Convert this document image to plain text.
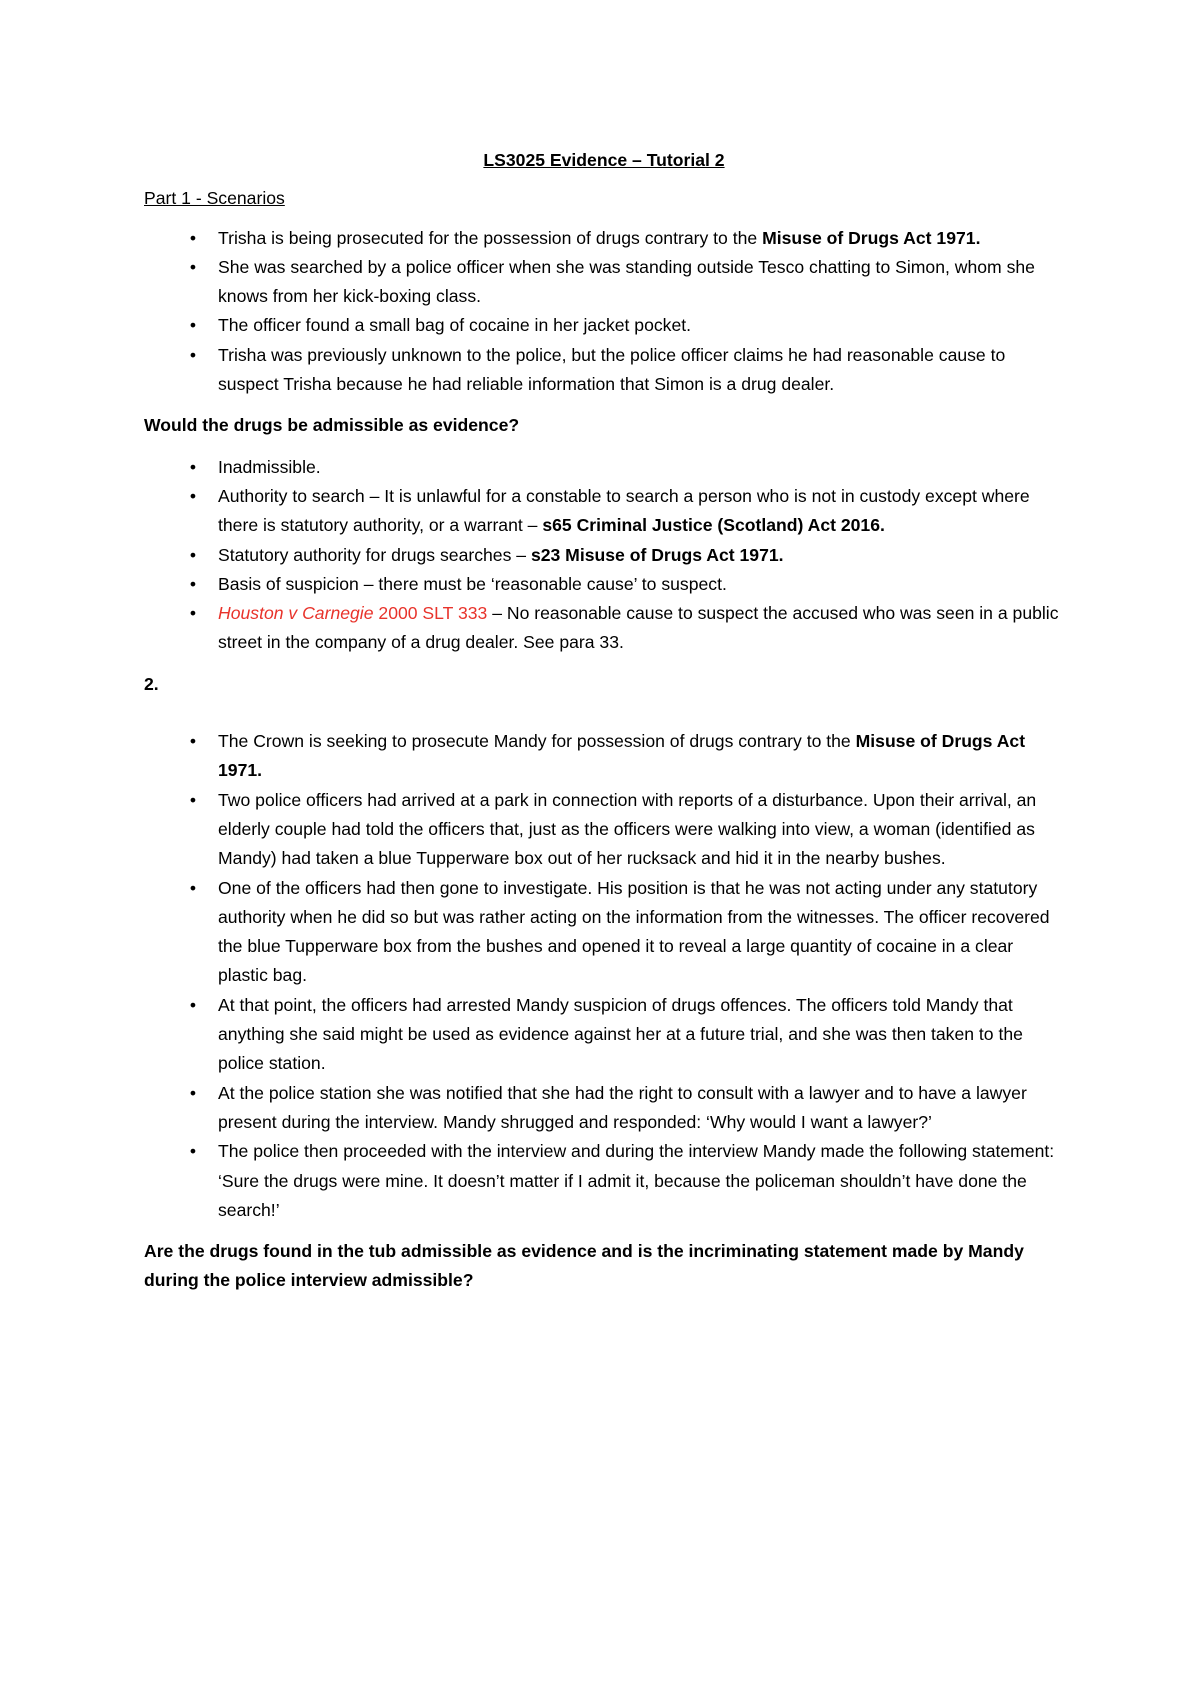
LS3025 Evidence – Tutorial 2

Part 1 - Scenarios

•	Trisha is being prosecuted for the possession of drugs contrary to the Misuse of Drugs Act 1971.
•	She was searched by a police officer when she was standing outside Tesco chatting to Simon, whom she knows from her kick-boxing class.
•	The officer found a small bag of cocaine in her jacket pocket.
•	Trisha was previously unknown to the police, but the police officer claims he had reasonable cause to suspect Trisha because he had reliable information that Simon is a drug dealer.

Would the drugs be admissible as evidence?

•	Inadmissible.
•	Authority to search – It is unlawful for a constable to search a person who is not in custody except where there is statutory authority, or a warrant – s65 Criminal Justice (Scotland) Act 2016.
•	Statutory authority for drugs searches – s23 Misuse of Drugs Act 1971.
•	Basis of suspicion – there must be ‘reasonable cause’ to suspect.
•	Houston v Carnegie 2000 SLT 333 – No reasonable cause to suspect the accused who was seen in a public street in the company of a drug dealer. See para 33.

2.

•	The Crown is seeking to prosecute Mandy for possession of drugs contrary to the Misuse of Drugs Act 1971.
•	Two police officers had arrived at a park in connection with reports of a disturbance. Upon their arrival, an elderly couple had told the officers that, just as the officers were walking into view, a woman (identified as Mandy) had taken a blue Tupperware box out of her rucksack and hid it in the nearby bushes.
•	One of the officers had then gone to investigate. His position is that he was not acting under any statutory authority when he did so but was rather acting on the information from the witnesses. The officer recovered the blue Tupperware box from the bushes and opened it to reveal a large quantity of cocaine in a clear plastic bag.
•	At that point, the officers had arrested Mandy suspicion of drugs offences. The officers told Mandy that anything she said might be used as evidence against her at a future trial, and she was then taken to the police station.
•	At the police station she was notified that she had the right to consult with a lawyer and to have a lawyer present during the interview. Mandy shrugged and responded: ‘Why would I want a lawyer?’
•	The police then proceeded with the interview and during the interview Mandy made the following statement: ‘Sure the drugs were mine. It doesn’t matter if I admit it, because the policeman shouldn’t have done the search!’

Are the drugs found in the tub admissible as evidence and is the incriminating statement made by Mandy during the police interview admissible?
